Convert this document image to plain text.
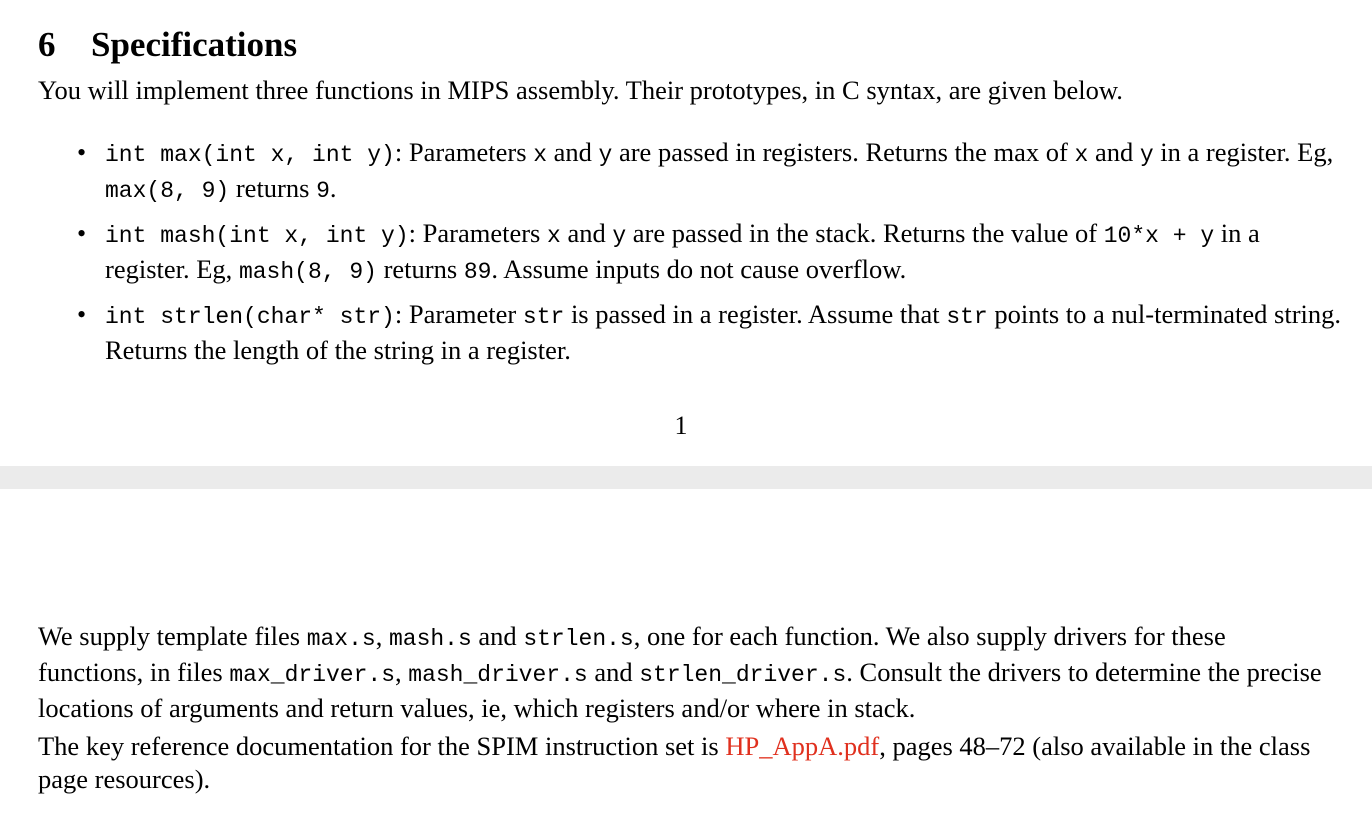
6 Specifications

You will implement three functions in MIPS assembly. Their prototypes, in C syntax, are given below.

• int max(int x, int y): Parameters x and y are passed in registers. Returns the max of x and y in a register. Eg, max(8, 9) returns 9.
• int mash(int x, int y): Parameters x and y are passed in the stack. Returns the value of 10*x + y in a register. Eg, mash(8, 9) returns 89. Assume inputs do not cause overflow.
• int strlen(char* str): Parameter str is passed in a register. Assume that str points to a nul-terminated string. Returns the length of the string in a register.
1

We supply template files max.s, mash.s and strlen.s, one for each function. We also supply drivers for these functions, in files max_driver.s, mash_driver.s and strlen_driver.s. Consult the drivers to determine the precise locations of arguments and return values, ie, which registers and/or where in stack.

The key reference documentation for the SPIM instruction set is HP_AppA.pdf, pages 48–72 (also available in the class page resources).
